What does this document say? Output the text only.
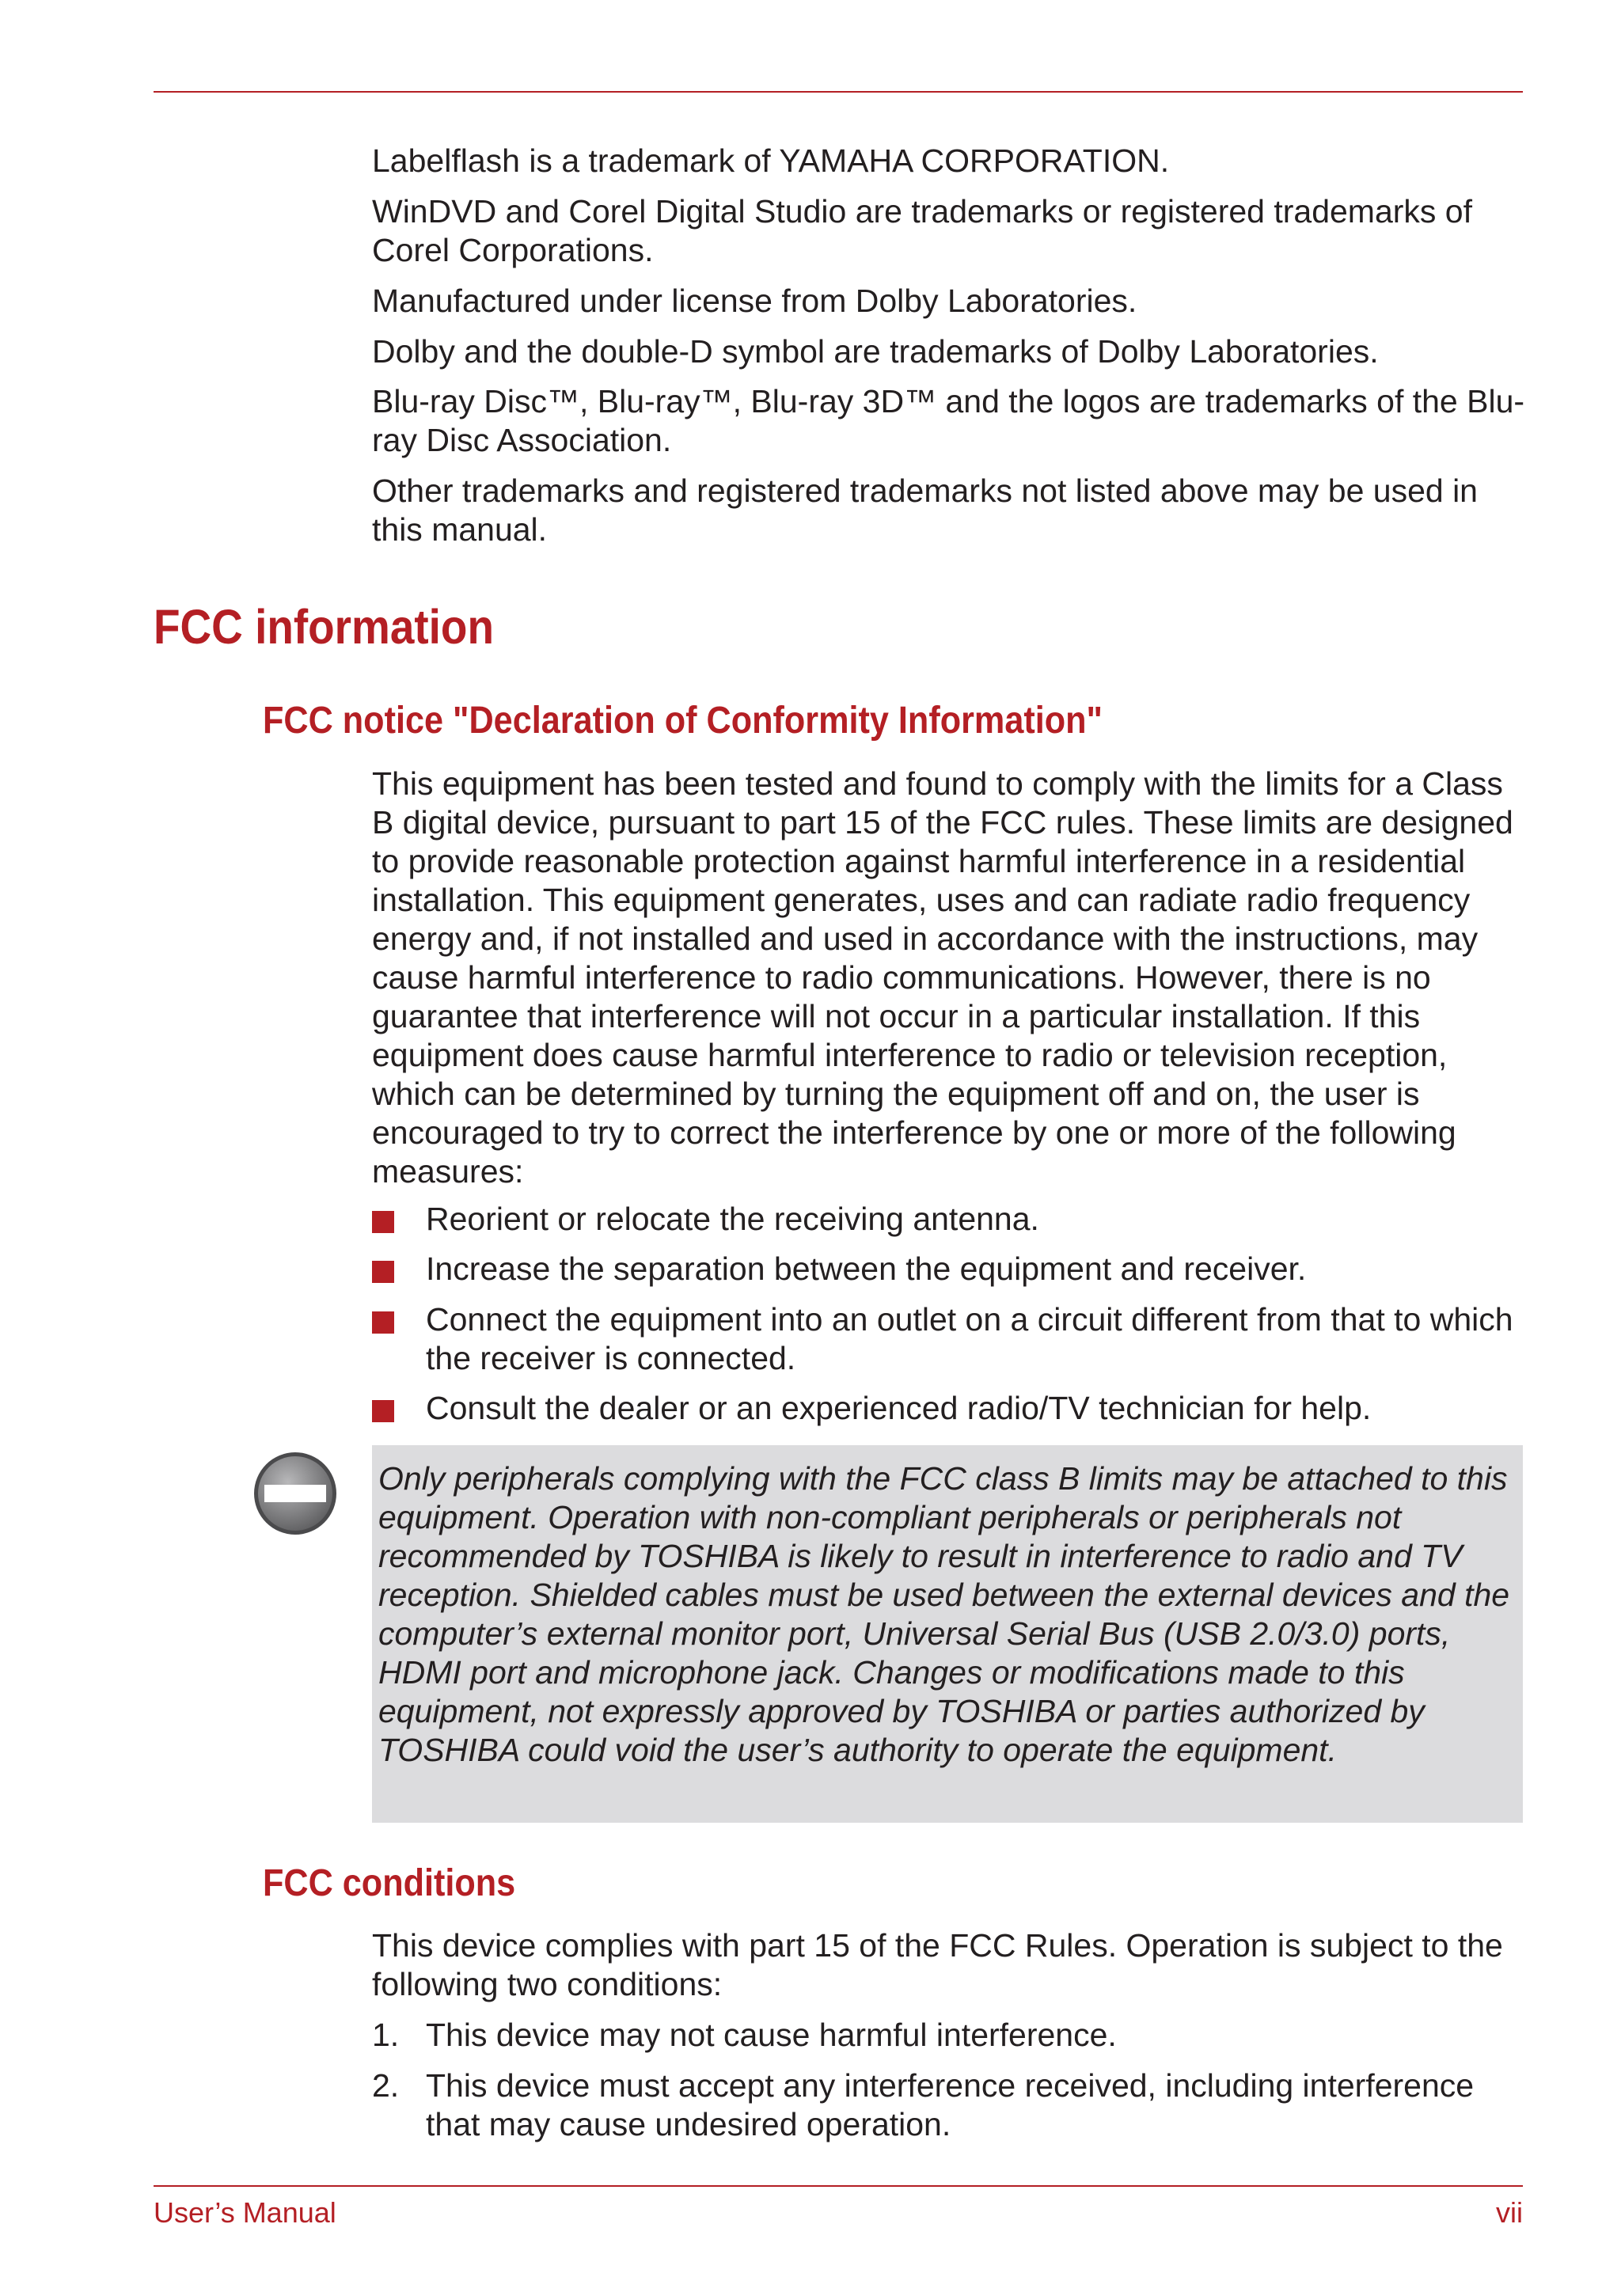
Labelflash is a trademark of YAMAHA CORPORATION.

WinDVD and Corel Digital Studio are trademarks or registered trademarks of Corel Corporations.

Manufactured under license from Dolby Laboratories.

Dolby and the double-D symbol are trademarks of Dolby Laboratories.

Blu-ray Disc™, Blu-ray™, Blu-ray 3D™ and the logos are trademarks of the Blu-ray Disc Association.

Other trademarks and registered trademarks not listed above may be used in this manual.

FCC information
FCC notice "Declaration of Conformity Information"

This equipment has been tested and found to comply with the limits for a Class B digital device, pursuant to part 15 of the FCC rules. These limits are designed to provide reasonable protection against harmful interference in a residential installation. This equipment generates, uses and can radiate radio frequency energy and, if not installed and used in accordance with the instructions, may cause harmful interference to radio communications. However, there is no guarantee that interference will not occur in a particular installation. If this equipment does cause harmful interference to radio or television reception, which can be determined by turning the equipment off and on, the user is encouraged to try to correct the interference by one or more of the following measures:

Reorient or relocate the receiving antenna.
Increase the separation between the equipment and receiver.
Connect the equipment into an outlet on a circuit different from that to which the receiver is connected.
Consult the dealer or an experienced radio/TV technician for help.
Only peripherals complying with the FCC class B limits may be attached to this equipment. Operation with non-compliant peripherals or peripherals not recommended by TOSHIBA is likely to result in interference to radio and TV reception. Shielded cables must be used between the external devices and the computer’s external monitor port, Universal Serial Bus (USB 2.0/3.0) ports, HDMI port and microphone jack. Changes or modifications made to this equipment, not expressly approved by TOSHIBA or parties authorized by TOSHIBA could void the user’s authority to operate the equipment.
FCC conditions

This device complies with part 15 of the FCC Rules. Operation is subject to the following two conditions:

1. This device may not cause harmful interference.
2. This device must accept any interference received, including interference that may cause undesired operation.
User’s Manual	vii
